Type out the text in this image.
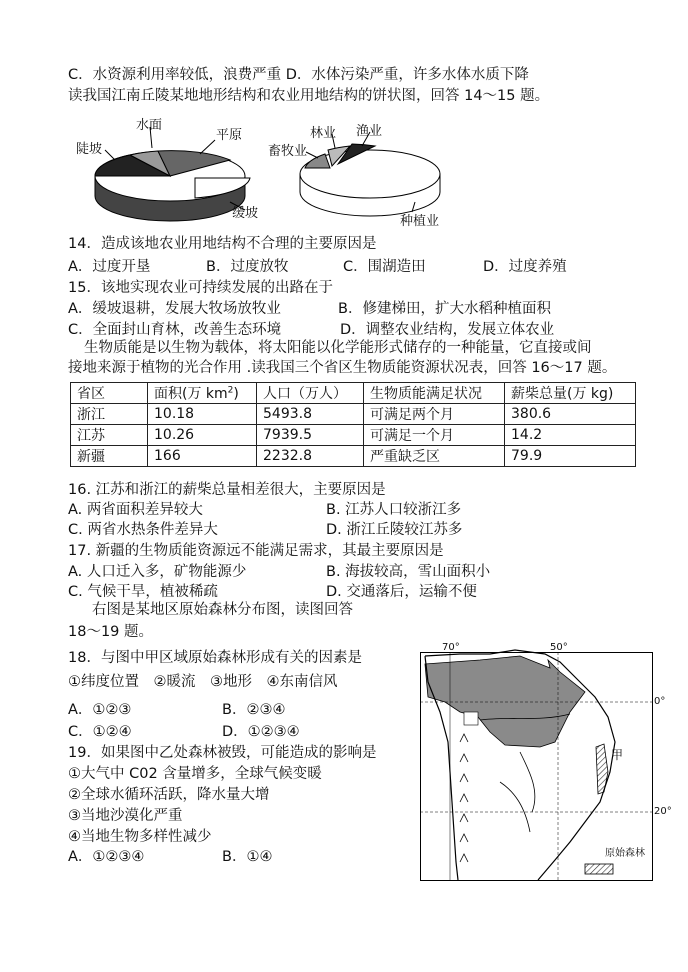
C．水资源利用率较低，浪费严重 D．水体污染严重，许多水体水质下降
读我国江南丘陵某地地形结构和农业用地结构的饼状图，回答 14～15 题。
水面
平原
陡坡
缓坡
林业 渔业
畜牧业
种植业
14．造成该地农业用地结构不合理的主要原因是
A．过度开垦	B．过度放牧	C．围湖造田	D．过度养殖
15．该地实现农业可持续发展的出路在于
A．缓坡退耕，发展大牧场放牧业	B．修建梯田，扩大水稻种植面积
C．全面封山育林，改善生态环境	D．调整农业结构，发展立体农业
生物质能是以生物为载体，将太阳能以化学能形式储存的一种能量，它直接或间
接地来源于植物的光合作用 .读我国三个省区生物质能资源状况表，回答 16～17 题。
省区	面积(万 $km^2$)	人口（万人）	生物质能满足状况	薪柴总量(万 kg)
浙江	10.18	5493.8	可满足两个月	380.6
江苏	10.26	7939.5	可满足一个月	14.2
新疆	166	2232.8	严重缺乏区	79.9
16. 江苏和浙江的薪柴总量相差很大，主要原因是
A. 两省面积差异较大	B. 江苏人口较浙江多
C. 两省水热条件差异大	D. 浙江丘陵较江苏多
17. 新疆的生物质能资源远不能满足需求，其最主要原因是
A. 人口迁入多，矿物能源少	B. 海拔较高，雪山面积小
C. 气候干旱，植被稀疏	D. 交通落后，运输不便
右图是某地区原始森林分布图，读图回答
18～19 题。
18．与图中甲区域原始森林形成有关的因素是
①纬度位置　②暖流　③地形　④东南信风
A．①②③	B．②③④
C．①②④	D．①②③④
19．如果图中乙处森林被毁，可能造成的影响是
①大气中 C02 含量增多，全球气候变暖
②全球水循环活跃，降水量大增
③当地沙漠化严重
④当地生物多样性减少
A．①②③④	B．①④
70°	50°
0°
20°
甲
原始森林
